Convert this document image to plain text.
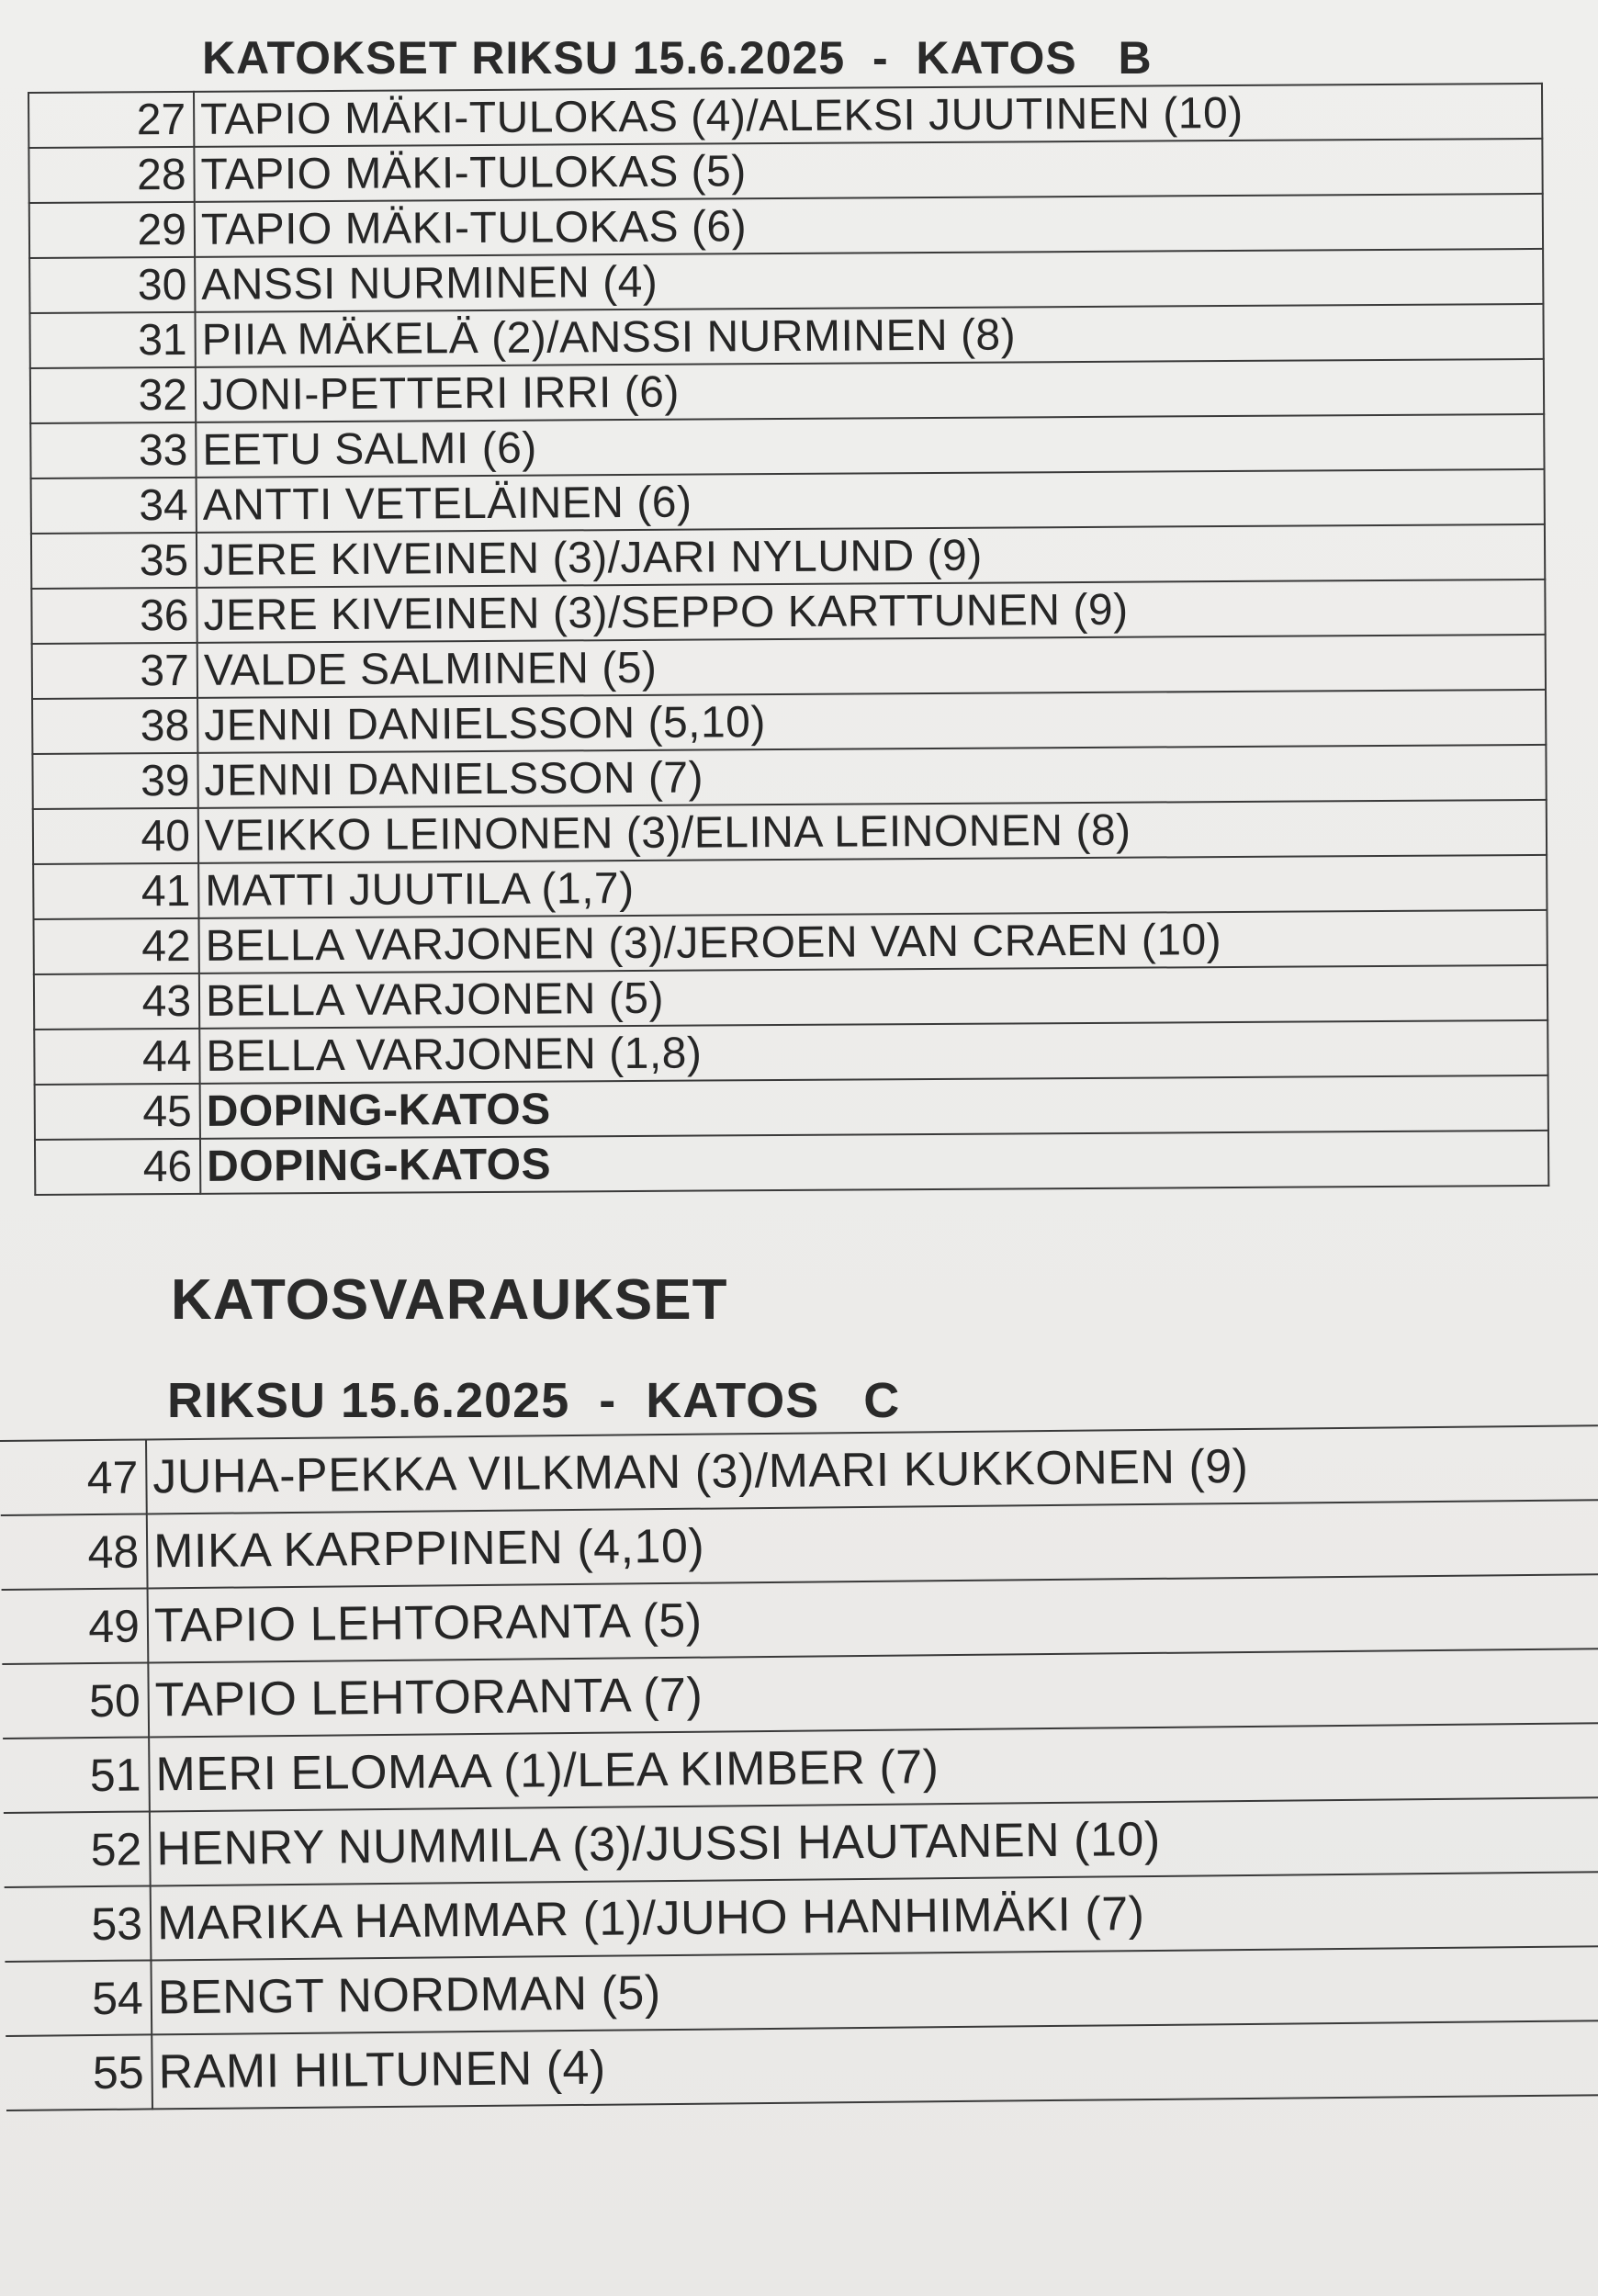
KATOKSET RIKSU 15.6.2025  -  KATOS   B
27	TAPIO MÄKI-TULOKAS (4)/ALEKSI JUUTINEN (10)
28	TAPIO MÄKI-TULOKAS (5)
29	TAPIO MÄKI-TULOKAS (6)
30	ANSSI NURMINEN (4)
31	PIIA MÄKELÄ (2)/ANSSI NURMINEN (8)
32	JONI-PETTERI IRRI (6)
33	EETU SALMI (6)
34	ANTTI VETELÄINEN (6)
35	JERE KIVEINEN (3)/JARI NYLUND (9)
36	JERE KIVEINEN (3)/SEPPO KARTTUNEN (9)
37	VALDE SALMINEN (5)
38	JENNI DANIELSSON (5,10)
39	JENNI DANIELSSON (7)
40	VEIKKO LEINONEN (3)/ELINA LEINONEN (8)
41	MATTI JUUTILA (1,7)
42	BELLA VARJONEN (3)/JEROEN VAN CRAEN (10)
43	BELLA VARJONEN (5)
44	BELLA VARJONEN (1,8)
45	DOPING-KATOS
46	DOPING-KATOS
KATOSVARAUKSET
RIKSU 15.6.2025  -  KATOS   C
47	JUHA-PEKKA VILKMAN (3)/MARI KUKKONEN (9)
48	MIKA KARPPINEN (4,10)
49	TAPIO LEHTORANTA (5)
50	TAPIO LEHTORANTA (7)
51	MERI ELOMAA (1)/LEA KIMBER (7)
52	HENRY NUMMILA (3)/JUSSI HAUTANEN (10)
53	MARIKA HAMMAR (1)/JUHO HANHIMÄKI (7)
54	BENGT NORDMAN (5)
55	RAMI HILTUNEN (4)
